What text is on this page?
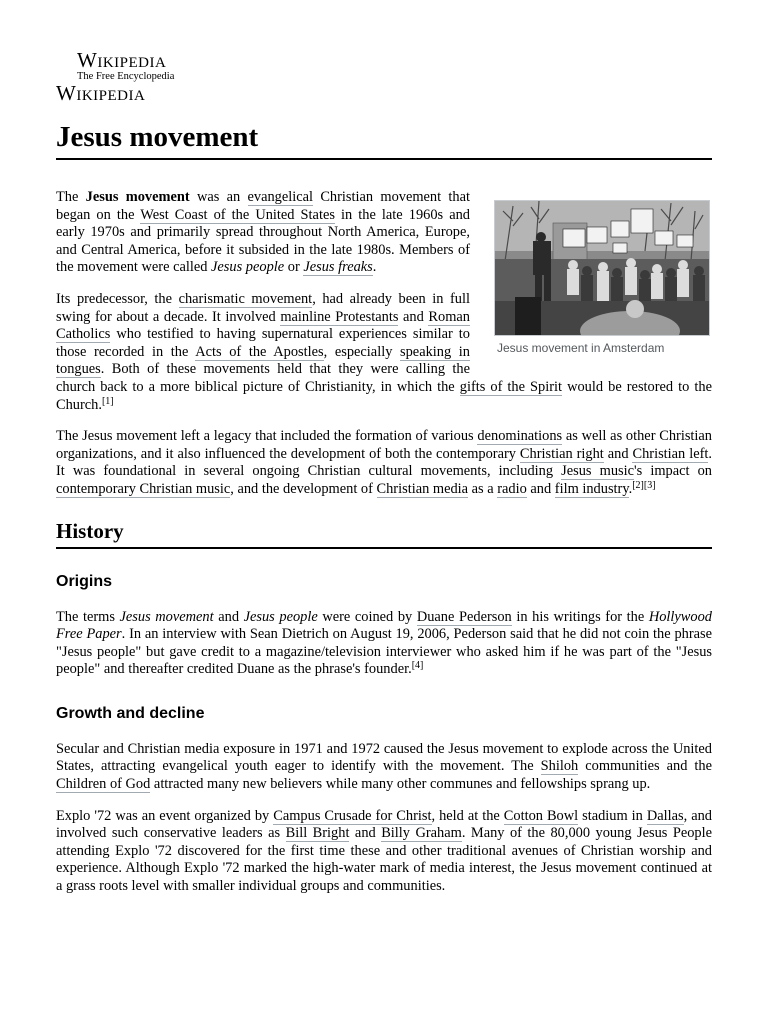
Wikipedia
The Free Encyclopedia
Wikipedia
Jesus movement
Jesus movement in Amsterdam

The Jesus movement was an evangelical Christian movement that began on the West Coast of the United States in the late 1960s and early 1970s and primarily spread throughout North America, Europe, and Central America, before it subsided in the late 1980s. Members of the movement were called Jesus people or Jesus freaks.

Its predecessor, the charismatic movement, had already been in full swing for about a decade. It involved mainline Protestants and Roman Catholics who testified to having supernatural experiences similar to those recorded in the Acts of the Apostles, especially speaking in tongues. Both of these movements held that they were calling the church back to a more biblical picture of Christianity, in which the gifts of the Spirit would be restored to the Church.[1]

The Jesus movement left a legacy that included the formation of various denominations as well as other Christian organizations, and it also influenced the development of both the contemporary Christian right and Christian left. It was foundational in several ongoing Christian cultural movements, including Jesus music's impact on contemporary Christian music, and the development of Christian media as a radio and film industry.[2][3]

History
Origins

The terms Jesus movement and Jesus people were coined by Duane Pederson in his writings for the Hollywood Free Paper. In an interview with Sean Dietrich on August 19, 2006, Pederson said that he did not coin the phrase "Jesus people" but gave credit to a magazine/television interviewer who asked him if he was part of the "Jesus people" and thereafter credited Duane as the phrase's founder.[4]

Growth and decline

Secular and Christian media exposure in 1971 and 1972 caused the Jesus movement to explode across the United States, attracting evangelical youth eager to identify with the movement. The Shiloh communities and the Children of God attracted many new believers while many other communes and fellowships sprang up.

Explo '72 was an event organized by Campus Crusade for Christ, held at the Cotton Bowl stadium in Dallas, and involved such conservative leaders as Bill Bright and Billy Graham. Many of the 80,000 young Jesus People attending Explo '72 discovered for the first time these and other traditional avenues of Christian worship and experience. Although Explo '72 marked the high-water mark of media interest, the Jesus movement continued at a grass roots level with smaller individual groups and communities.
